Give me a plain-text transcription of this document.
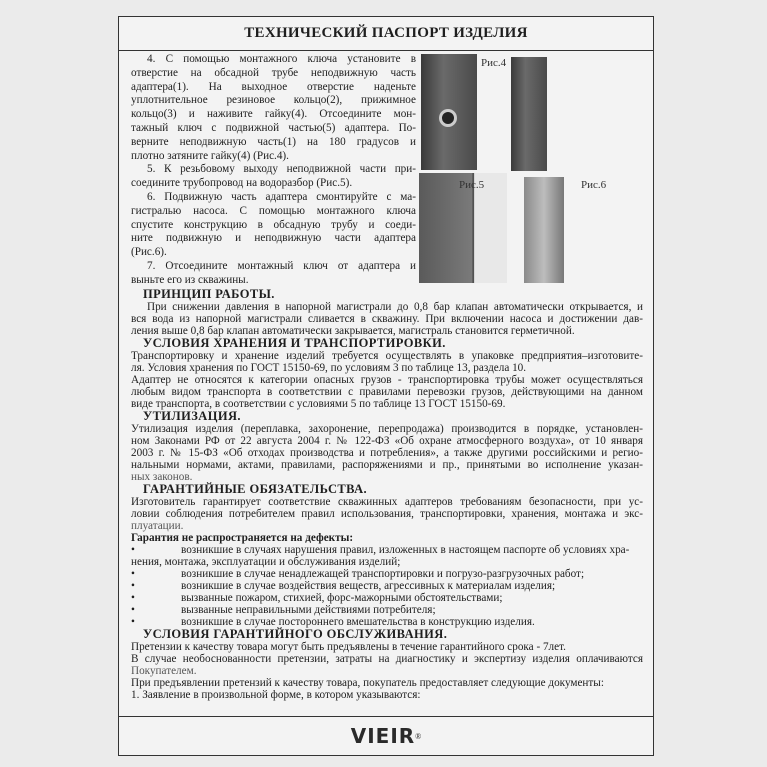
ТЕХНИЧЕСКИЙ ПАСПОРТ ИЗДЕЛИЯ
Рис.4
Рис.5	Рис.6
4. С помощью монтажного ключа установите в
отверстие на обсадной трубе неподвижную часть
адаптера(1). На выходное отверстие наденьте
уплотнительное резиновое кольцо(2), прижимное
кольцо(3) и наживите гайку(4). Отсоедините мон-
тажный ключ с подвижной частью(5) адаптера. По-
верните неподвижную часть(1) на 180 градусов и
плотно затяните гайку(4) (Рис.4).
5. К резьбовому выходу неподвижной части при-
соедините трубопровод на водоразбор (Рис.5).
6. Подвижную часть адаптера смонтируйте с ма-
гистралью насоса. С помощью монтажного ключа
спустите конструкцию в обсадную трубу и соеди-
ните подвижную и неподвижную части адаптера
(Рис.6).
7. Отсоедините монтажный ключ от адаптера и
выньте его из скважины.
ПРИНЦИП РАБОТЫ.
При снижении давления в напорной магистрали до 0,8 бар клапан автоматически открывается, и
вся вода из напорной магистрали сливается в скважину. При включении насоса и достижении дав-
ления выше 0,8 бар клапан автоматически закрывается, магистраль становится герметичной.
УСЛОВИЯ ХРАНЕНИЯ И ТРАНСПОРТИРОВКИ.
Транспортировку и хранение изделий требуется осуществлять в упаковке предприятия–изготовите-
ля. Условия хранения по ГОСТ 15150-69, по условиям 3 по таблице 13, раздела 10.
Адаптер не относятся к категории опасных грузов - транспортировка трубы может осуществляться
любым видом транспорта в соответствии с правилами перевозки грузов, действующими на данном
виде транспорта, в соответствии с условиями 5 по таблице 13 ГОСТ 15150-69.
УТИЛИЗАЦИЯ.
Утилизация изделия (переплавка, захоронение, перепродажа) производится в порядке, установлен-
ном Законами РФ от 22 августа 2004 г. № 122-ФЗ «Об охране атмосферного воздуха», от 10 января
2003 г. № 15-ФЗ «Об отходах производства и потребления», а также другими российскими и регио-
нальными нормами, актами, правилами, распоряжениями и пр., принятыми во исполнение указан-
ных законов.
ГАРАНТИЙНЫЕ ОБЯЗАТЕЛЬСТВА.
Изготовитель гарантирует соответствие скважинных адаптеров требованиям безопасности, при ус-
ловии соблюдения потребителем правил использования, транспортировки, хранения, монтажа и экс-
плуатации.
Гарантия не распространяется на дефекты:
•	возникшие в случаях нарушения правил, изложенных в настоящем паспорте об условиях хра-
нения, монтажа, эксплуатации и обслуживания изделий;
•	возникшие в случае ненадлежащей транспортировки и погрузо-разгрузочных работ;
•	возникшие в случае воздействия веществ, агрессивных к материалам изделия;
•	вызванные пожаром, стихией, форс-мажорными обстоятельствами;
•	вызванные неправильными действиями потребителя;
•	возникшие в случае постороннего вмешательства в конструкцию изделия.
УСЛОВИЯ ГАРАНТИЙНОГО ОБСЛУЖИВАНИЯ.
Претензии к качеству товара могут быть предъявлены в течение гарантийного срока - 7лет.
В случае необоснованности претензии, затраты на диагностику и экспертизу изделия оплачиваются
Покупателем.
При предъявлении претензий к качеству товара, покупатель предоставляет следующие документы:
1. Заявление в произвольной форме, в котором указываются:
VIEIR ®
